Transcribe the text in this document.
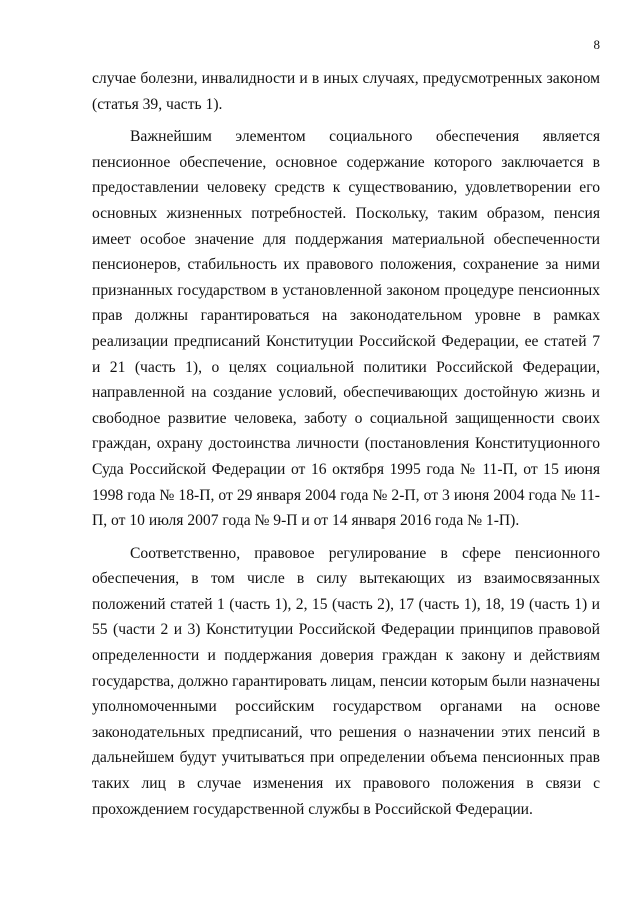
8

случае болезни, инвалидности и в иных случаях, предусмотренных законом (статья 39, часть 1).

Важнейшим элементом социального обеспечения является пенсионное обеспечение, основное содержание которого заключается в предоставлении человеку средств к существованию, удовлетворении его основных жизненных потребностей. Поскольку, таким образом, пенсия имеет особое значение для поддержания материальной обеспеченности пенсионеров, стабильность их правового положения, сохранение за ними признанных государством в установленной законом процедуре пенсионных прав должны гарантироваться на законодательном уровне в рамках реализации предписаний Конституции Российской Федерации, ее статей 7 и 21 (часть 1), о целях социальной политики Российской Федерации, направленной на создание условий, обеспечивающих достойную жизнь и свободное развитие человека, заботу о социальной защищенности своих граждан, охрану достоинства личности (постановления Конституционного Суда Российской Федерации от 16 октября 1995 года № 11-П, от 15 июня 1998 года № 18-П, от 29 января 2004 года № 2-П, от 3 июня 2004 года № 11-П, от 10 июля 2007 года № 9-П и от 14 января 2016 года № 1-П).

Соответственно, правовое регулирование в сфере пенсионного обеспечения, в том числе в силу вытекающих из взаимосвязанных положений статей 1 (часть 1), 2, 15 (часть 2), 17 (часть 1), 18, 19 (часть 1) и 55 (части 2 и 3) Конституции Российской Федерации принципов правовой определенности и поддержания доверия граждан к закону и действиям государства, должно гарантировать лицам, пенсии которым были назначены уполномоченными российским государством органами на основе законодательных предписаний, что решения о назначении этих пенсий в дальнейшем будут учитываться при определении объема пенсионных прав таких лиц в случае изменения их правового положения в связи с прохождением государственной службы в Российской Федерации.
